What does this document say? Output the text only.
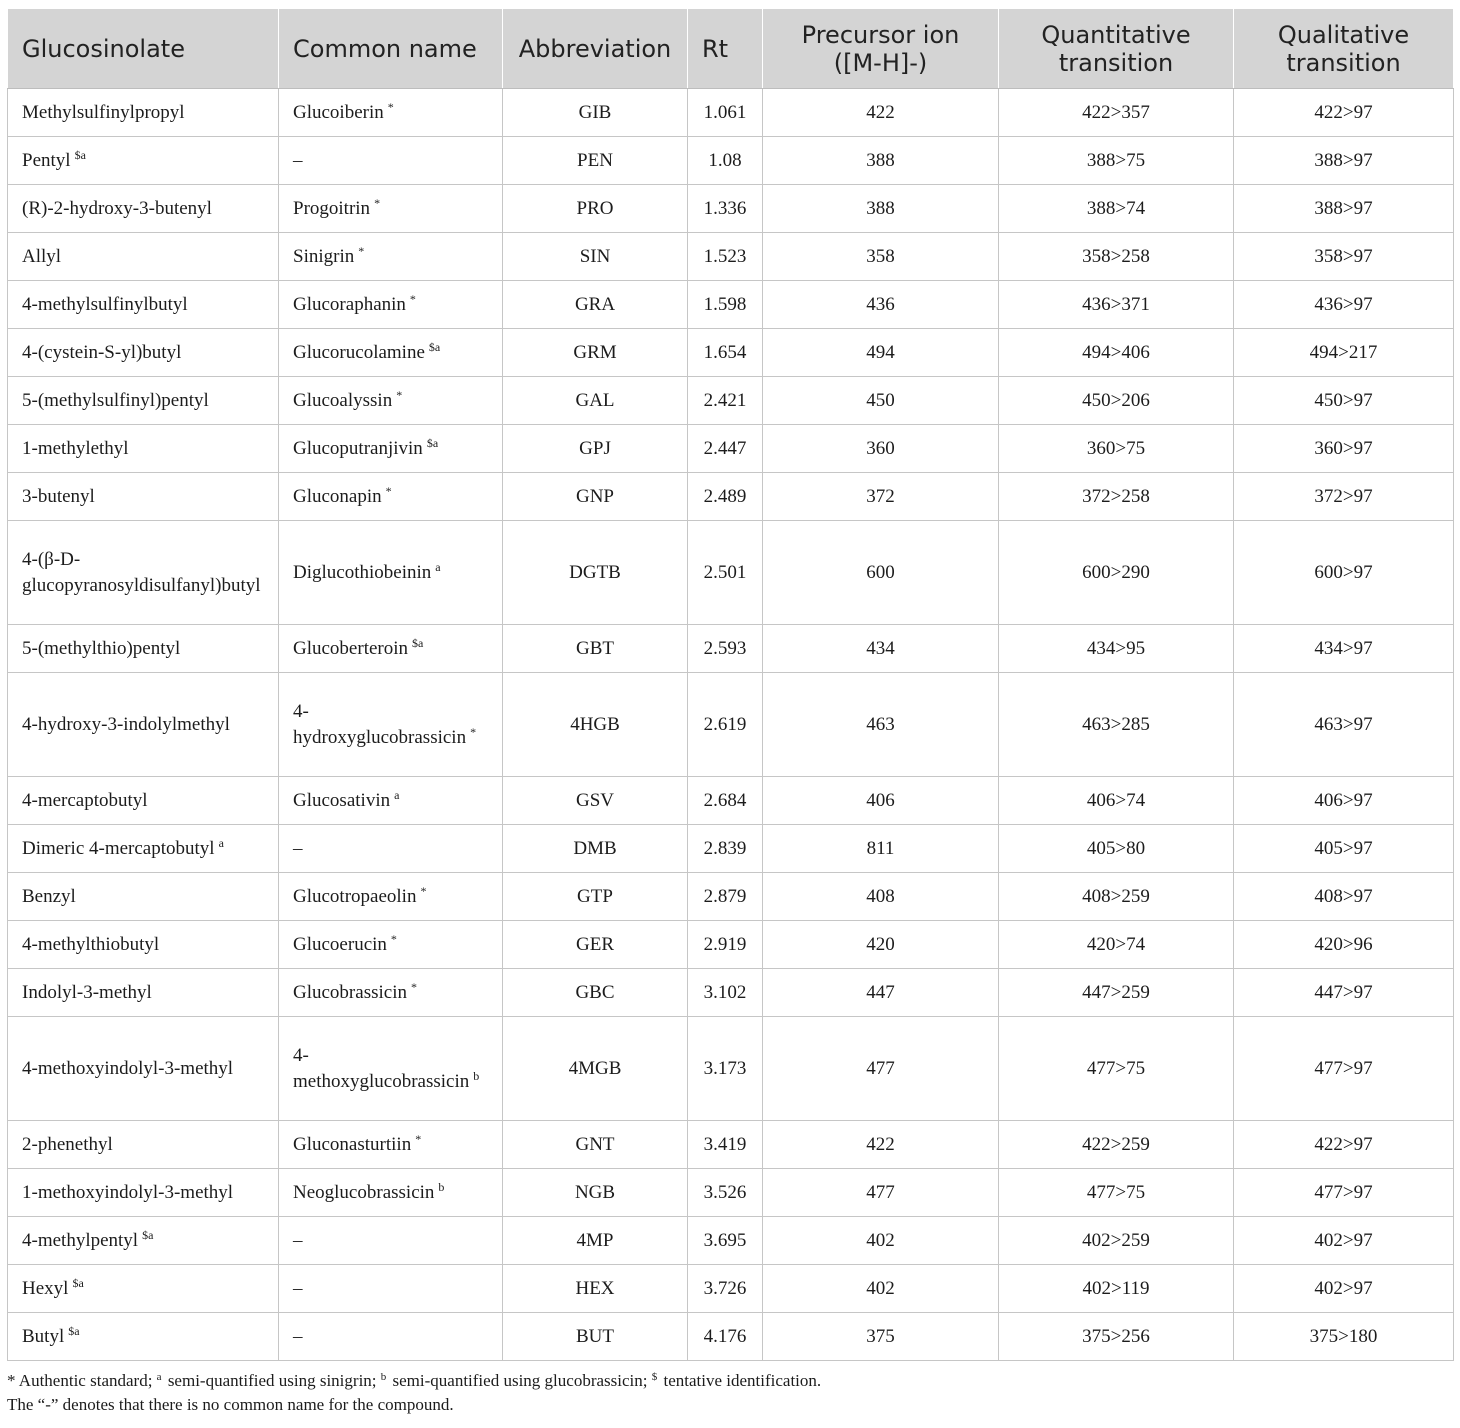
Glucosinolate	Common name	Abbreviation	Rt	Precursor ion ([M-H]-)	Quantitative transition	Qualitative transition
Methylsulfinylpropyl	Glucoiberin *	GIB	1.061	422	422>357	422>97
Pentyl $^{\$a}$	–	PEN	1.08	388	388>75	388>97
(R)-2-hydroxy-3-butenyl	Progoitrin *	PRO	1.336	388	388>74	388>97
Allyl	Sinigrin *	SIN	1.523	358	358>258	358>97
4-methylsulfinylbutyl	Glucoraphanin *	GRA	1.598	436	436>371	436>97
4-(cystein-S-yl)butyl	Glucorucolamine $^{\$a}$	GRM	1.654	494	494>406	494>217
5-(methylsulfinyl)pentyl	Glucoalyssin *	GAL	2.421	450	450>206	450>97
1-methylethyl	Glucoputranjivin $^{\$a}$	GPJ	2.447	360	360>75	360>97
3-butenyl	Gluconapin *	GNP	2.489	372	372>258	372>97
4-(β-D-glucopyranosyldisulfanyl)butyl	Diglucothiobeinin $^a$	DGTB	2.501	600	600>290	600>97
5-(methylthio)pentyl	Glucoberteroin $^{\$a}$	GBT	2.593	434	434>95	434>97
4-hydroxy-3-indolylmethyl	4-hydroxyglucobrassicin *	4HGB	2.619	463	463>285	463>97
4-mercaptobutyl	Glucosativin $^a$	GSV	2.684	406	406>74	406>97
Dimeric 4-mercaptobutyl $^a$	–	DMB	2.839	811	405>80	405>97
Benzyl	Glucotropaeolin *	GTP	2.879	408	408>259	408>97
4-methylthiobutyl	Glucoerucin *	GER	2.919	420	420>74	420>96
Indolyl-3-methyl	Glucobrassicin *	GBC	3.102	447	447>259	447>97
4-methoxyindolyl-3-methyl	4-methoxyglucobrassicin $^b$	4MGB	3.173	477	477>75	477>97
2-phenethyl	Gluconasturtiin *	GNT	3.419	422	422>259	422>97
1-methoxyindolyl-3-methyl	Neoglucobrassicin $^b$	NGB	3.526	477	477>75	477>97
4-methylpentyl $^{\$a}$	–	4MP	3.695	402	402>259	402>97
Hexyl $^{\$a}$	–	HEX	3.726	402	402>119	402>97
Butyl $^{\$a}$	–	BUT	4.176	375	375>256	375>180
* Authentic standard; $^a$ semi-quantified using sinigrin; $^b$ semi-quantified using glucobrassicin; $ tentative identification.
The “-” denotes that there is no common name for the compound.
